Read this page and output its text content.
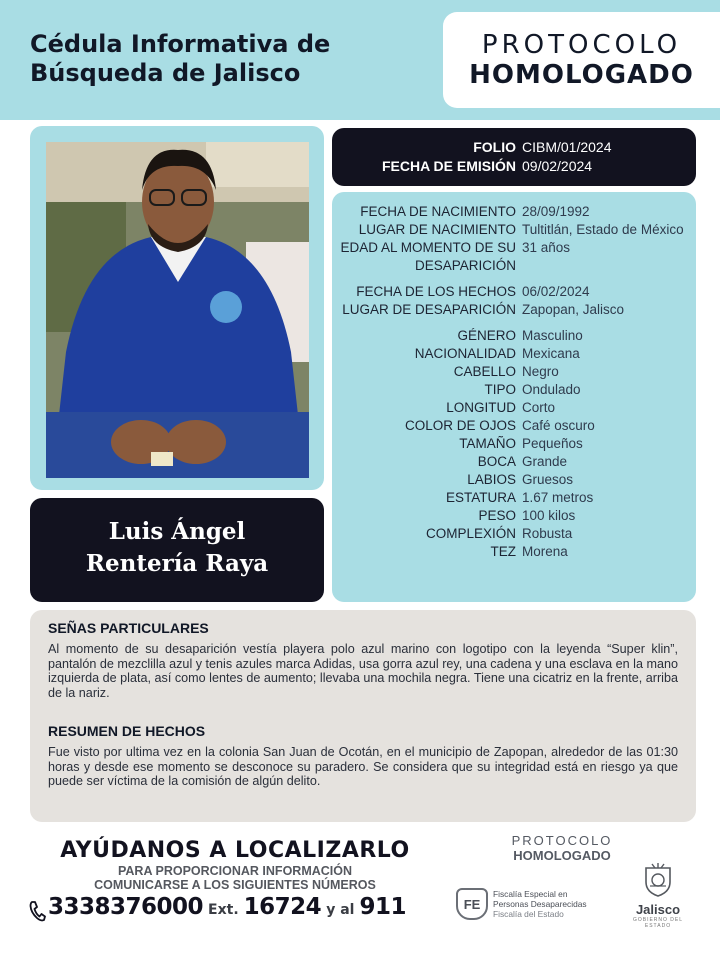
Cédula Informativa de
Búsqueda de Jalisco
PROTOCOLO
HOMOLOGADO
Luis Ángel
Rentería Raya
FOLIO CIBM/01/2024
FECHA DE EMISIÓN 09/02/2024
FECHA DE NACIMIENTO 28/09/1992
LUGAR DE NACIMIENTO Tultitlán, Estado de México
EDAD AL MOMENTO DE SU DESAPARICIÓN
31 años
FECHA DE LOS HECHOS 06/02/2024
LUGAR DE DESAPARICIÓN Zapopan, Jalisco
GÉNERO Masculino
NACIONALIDAD Mexicana
CABELLO Negro
TIPO Ondulado
LONGITUD Corto
COLOR DE OJOS Café oscuro
TAMAÑO Pequeños
BOCA Grande
LABIOS Gruesos
ESTATURA 1.67 metros
PESO 100 kilos
COMPLEXIÓN Robusta
TEZ Morena
SEÑAS PARTICULARES
Al momento de su desaparición vestía playera polo azul marino con logotipo con la leyenda “Super klin”, pantalón de mezclilla azul y tenis azules marca Adidas, usa gorra azul rey, una cadena y una esclava en la mano izquierda de plata, así como lentes de aumento; llevaba una mochila negra. Tiene una cicatriz en la frente, arriba de la nariz.
RESUMEN DE HECHOS
Fue visto por ultima vez en la colonia San Juan de Ocotán, en el municipio de Zapopan, alrededor de las 01:30 horas y desde ese momento se desconoce su paradero. Se considera que su integridad está en riesgo ya que puede ser víctima de la comisión de algún delito.
AYÚDANOS A LOCALIZARLO
PARA PROPORCIONAR INFORMACIÓN
COMUNICARSE A LOS SIGUIENTES NÚMEROS
3338376000 Ext. 16724 y al 911
PROTOCOLO
HOMOLOGADO
FE
Fiscalía Especial en
Personas Desaparecidas
Fiscalía del Estado	Jalisco
GOBIERNO DEL ESTADO
